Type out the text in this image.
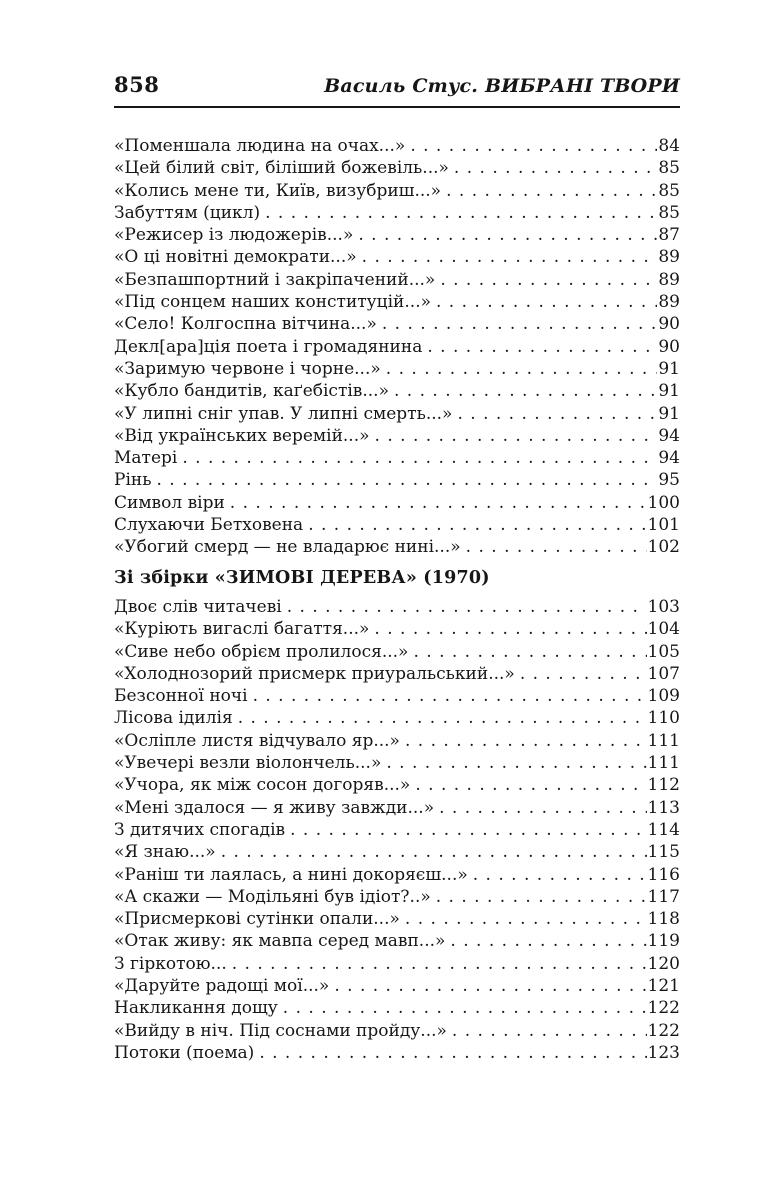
858	Василь Стус. ВИБРАНІ ТВОРИ
«Поменшала людина на очах...» . . .	84
«Цей білий світ, біліший божевіль...» . . .	85
«Колись мене ти, Київ, визубриш...» . . .	85
Забуттям (цикл) . . .	85
«Режисер із людожерів...» . . .	87
«О ці новітні демократи...» . . .	89
«Безпашпортний і закріпачений...» . . .	89
«Під сонцем наших конституцій...» . . .	89
«Село! Колгоспна вітчина...» . . .	90
Декл[ара]ція поета і громадянина . . .	90
«Заримую червоне і чорне...» . . .	91
«Кубло бандитів, каґебістів...» . . .	91
«У липні сніг упав. У липні смерть...» . . .	91
«Від українських веремій...» . . .	94
Матері . . .	94
Рінь . . .	95
Символ віри . . .	100
Слухаючи Бетховена . . .	101
«Убогий смерд — не владарює нині...» . . .	102
Зі збірки «ЗИМОВІ ДЕРЕВА» (1970)
Двоє слів читачеві . . .	103
«Куріють вигаслі багаття...» . . .	104
«Сиве небо обрієм пролилося...» . . .	105
«Холоднозорий присмерк приуральський...» . . .	107
Безсонної ночі . . .	109
Лісова ідилія . . .	110
«Осліпле листя відчувало яр...» . . .	111
«Увечері везли віолончель...» . . .	111
«Учора, як між сосон догоряв...» . . .	112
«Мені здалося — я живу завжди...» . . .	113
З дитячих спогадів . . .	114
«Я знаю...» . . .	115
«Раніш ти лаялась, а нині докоряєш...» . . .	116
«А скажи — Модільяні був ідіот?..» . . .	117
«Присмеркові сутінки опали...» . . .	118
«Отак живу: як мавпа серед мавп...» . . .	119
З гіркотою... . . .	120
«Даруйте радощі мої...» . . .	121
Накликання дощу . . .	122
«Вийду в ніч. Під соснами пройду...» . . .	122
Потоки (поема) . . .	123
